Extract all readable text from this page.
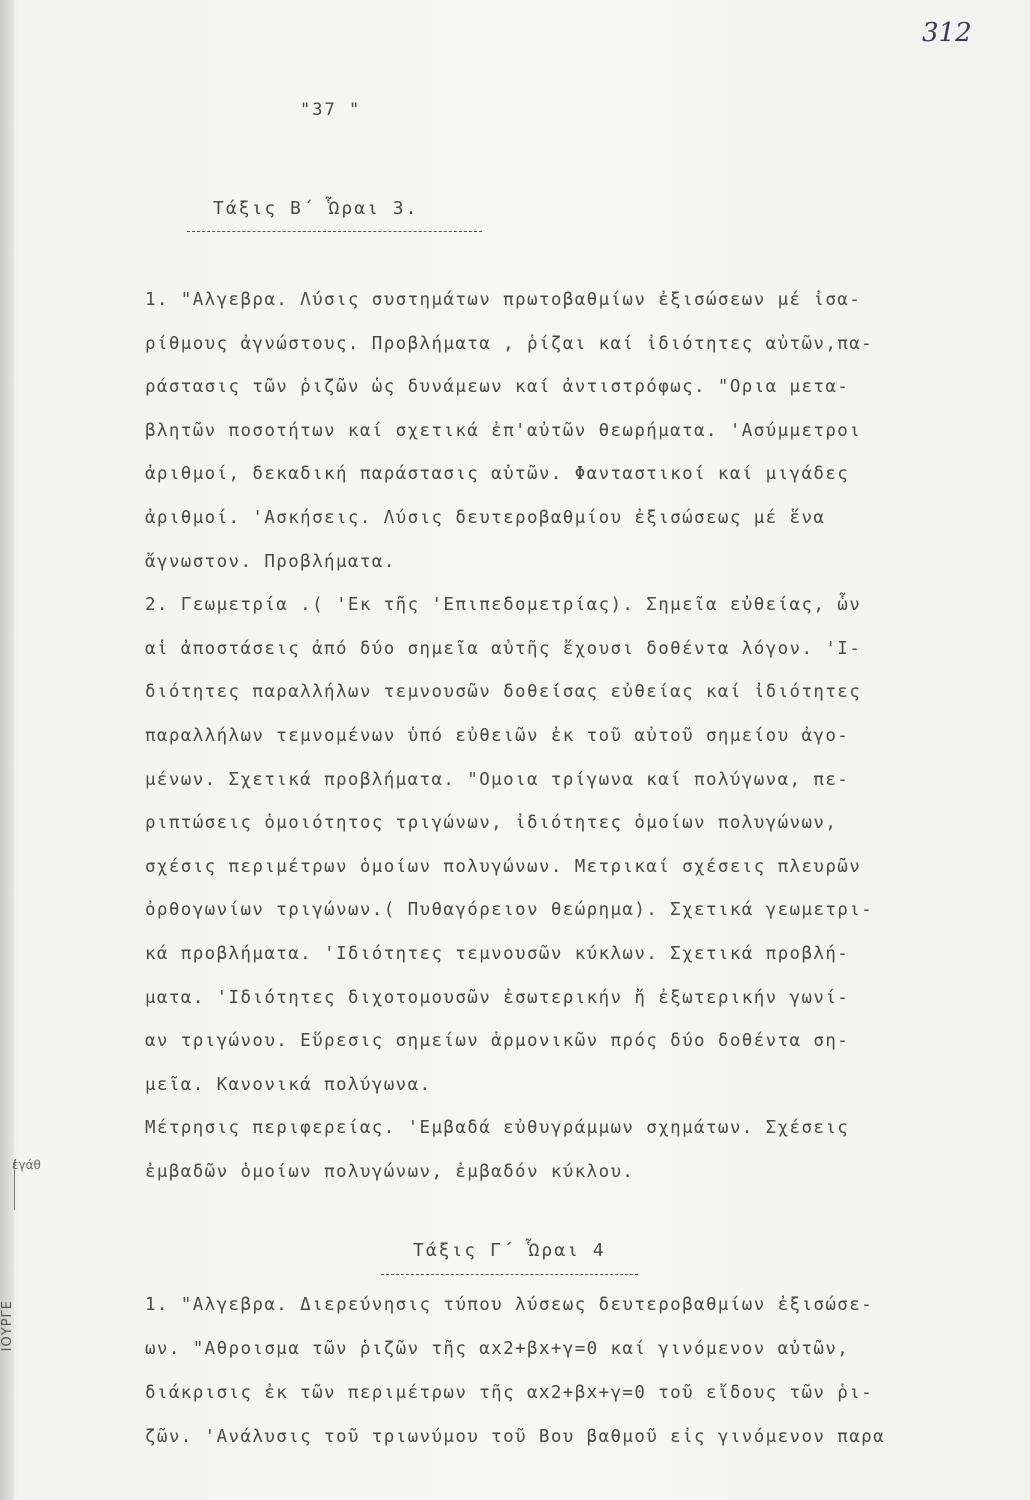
ΙΟΥΡΓΕ
ἐγάθ
312
"37 "
Τάξις Β΄ Ὧραι 3.
1. "Αλγεβρα. Λύσις συστημάτων πρωτοβαθμίων ἐξισώσεων μέ ἰσα-
ρίθμους ἀγνώστους. Προβλήματα , ῥίζαι καί ἰδιότητες αὐτῶν,πα-
ράστασις τῶν ῥιζῶν ὡς δυνάμεων καί ἀντιστρόφως. "Ορια μετα-
βλητῶν ποσοτήτων καί σχετικά ἐπ'αὐτῶν θεωρήματα. 'Ασύμμετροι
ἀριθμοί, δεκαδική παράστασις αὐτῶν. Φανταστικοί καί μιγάδες
ἀριθμοί. 'Ασκήσεις. Λύσις δευτεροβαθμίου ἐξισώσεως μέ ἕνα
ἄγνωστον. Προβλήματα.
2. Γεωμετρία .( 'Εκ τῆς 'Επιπεδομετρίας). Σημεῖα εὐθείας, ὧν
αἱ ἀποστάσεις ἀπό δύο σημεῖα αὐτῆς ἔχουσι δοθέντα λόγον. 'Ι-
διότητες παραλλήλων τεμνουσῶν δοθείσας εὐθείας καί ἰδιότητες
παραλλήλων τεμνομένων ὑπό εὐθειῶν ἐκ τοῦ αὐτοῦ σημείου ἀγο-
μένων. Σχετικά προβλήματα. "Ομοια τρίγωνα καί πολύγωνα, πε-
ριπτώσεις ὁμοιότητος τριγώνων, ἰδιότητες ὁμοίων πολυγώνων,
σχέσις περιμέτρων ὁμοίων πολυγώνων. Μετρικαί σχέσεις πλευρῶν
ὀρθογωνίων τριγώνων.( Πυθαγόρειον θεώρημα). Σχετικά γεωμετρι-
κά προβλήματα. 'Ιδιότητες τεμνουσῶν κύκλων. Σχετικά προβλή-
ματα. 'Ιδιότητες διχοτομουσῶν ἐσωτερικήν ἤ ἐξωτερικήν γωνί-
αν τριγώνου. Εὕρεσις σημείων ἁρμονικῶν πρός δύο δοθέντα ση-
μεῖα. Κανονικά πολύγωνα.
Μέτρησις περιφερείας. 'Εμβαδά εὐθυγράμμων σχημάτων. Σχέσεις
ἐμβαδῶν ὁμοίων πολυγώνων, ἐμβαδόν κύκλου.
Τάξις Γ΄ Ὧραι 4
1. "Αλγεβρα. Διερεύνησις τύπου λύσεως δευτεροβαθμίων ἐξισώσε-
ων. "Αθροισμα τῶν ῥιζῶν τῆς αx2+βx+γ=0 καί γινόμενον αὐτῶν,
διάκρισις ἐκ τῶν περιμέτρων τῆς αx2+βx+γ=0 τοῦ εἴδους τῶν ῥι-
ζῶν. 'Ανάλυσις τοῦ τριωνύμου τοῦ Βου βαθμοῦ εἰς γινόμενον παρα
